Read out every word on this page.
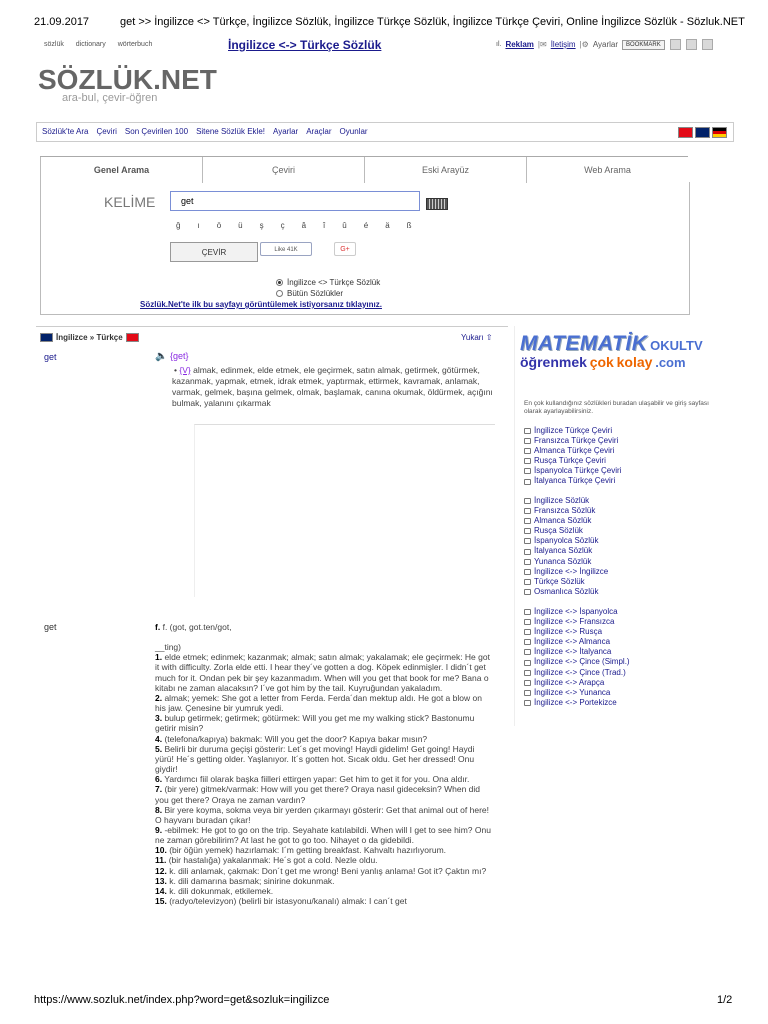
21.09.2017	get >> İngilizce <> Türkçe, İngilizce Sözlük, İngilizce Türkçe Sözlük, İngilizce Türkçe Çeviri, Online İngilizce Sözlük - Sözluk.NET
sözlük dictionary wörterbuch	İngilizce <-> Türkçe Sözlük	ıl. Reklam |✉ İletişim |⚙ Ayarlar	BOOKMARK
SÖZLÜK.NET
ara-bul, çevir-öğren
Sözlük'te Ara Çeviri Son Çevirilen 100 Sitene Sözlük Ekle! Ayarlar Araçlar Oyunlar
Genel Arama	Çeviri	Eski Arayüz	Web Arama
KELİME
get
ğ ı ö ü ş ç â î û é ä ß
ÇEVİR	Like 41K	G+
İngilizce <> Türkçe Sözlük
Bütün Sözlükler
Sözlük.Net'te ilk bu sayfayı görüntülemek istiyorsanız tıklayınız.
İngilizce » Türkçe	Yukarı ⇧
get	🔈 {get}
• {V} almak, edinmek, elde etmek, ele geçirmek, satın almak, getirmek, götürmek, kazanmak, yapmak, etmek, idrak etmek, yaptırmak, ettirmek, kavramak, anlamak, varmak, gelmek, başına gelmek, olmak, başlamak, canına okumak, öldürmek, açığını bulmak, yalanını çıkarmak
get	f. f. (got, got.ten/got,
__ting)
1. elde etmek; edinmek; kazanmak; almak; satın almak; yakalamak; ele geçirmek: He got it with difficulty. Zorla elde etti. I hear they´ve gotten a dog. Köpek edinmişler. I didn´t get much for it. Ondan pek bir şey kazanmadım. When will you get that book for me? Bana o kitabı ne zaman alacaksın? I´ve got him by the tail. Kuyruğundan yakaladım.
2. almak; yemek: She got a letter from Ferda. Ferda´dan mektup aldı. He got a blow on his jaw. Çenesine bir yumruk yedi.
3. bulup getirmek; getirmek; götürmek: Will you get me my walking stick? Bastonumu getirir misin?
4. (telefona/kapıya) bakmak: Will you get the door? Kapıya bakar mısın?
5. Belirli bir duruma geçişi gösterir: Let´s get moving! Haydi gidelim! Get going! Haydi yürü! He´s getting older. Yaşlanıyor. It´s gotten hot. Sıcak oldu. Get her dressed! Onu giydir!
6. Yardımcı fiil olarak başka fiilleri ettirgen yapar: Get him to get it for you. Ona aldır.
7. (bir yere) gitmek/varmak: How will you get there? Oraya nasıl gideceksin? When did you get there? Oraya ne zaman vardın?
8. Bir yere koyma, sokma veya bir yerden çıkarmayı gösterir: Get that animal out of here! O hayvanı buradan çıkar!
9. -ebilmek: He got to go on the trip. Seyahate katılabildi. When will I get to see him? Onu ne zaman görebilirim? At last he got to go too. Nihayet o da gidebildi.
10. (bir öğün yemek) hazırlamak: I´m getting breakfast. Kahvaltı hazırlıyorum.
11. (bir hastalığa) yakalanmak: He´s got a cold. Nezle oldu.
12. k. dili anlamak, çakmak: Don´t get me wrong! Beni yanlış anlama! Got it? Çaktın mı?
13. k. dili damarına basmak; sinirine dokunmak.
14. k. dili dokunmak, etkilemek.
15. (radyo/televizyon) (belirli bir istasyonu/kanalı) almak: I can´t get
MATEMATİK OKULTV
öğrenmek çok kolay .com
En çok kullandığınız sözlükleri buradan ulaşabilir ve giriş sayfası olarak ayarlayabilirsiniz.
İngilizce Türkçe Çeviri
Fransızca Türkçe Çeviri
Almanca Türkçe Çeviri
Rusça Türkçe Çeviri
İspanyolca Türkçe Çeviri
İtalyanca Türkçe Çeviri
İngilizce Sözlük
Fransızca Sözlük
Almanca Sözlük
Rusça Sözlük
İspanyolca Sözlük
İtalyanca Sözlük
Yunanca Sözlük
İngilizce <-> İngilizce
Türkçe Sözlük
Osmanlıca Sözlük
İngilizce <-> İspanyolca
İngilizce <-> Fransızca
İngilizce <-> Rusça
İngilizce <-> Almanca
İngilizce <-> İtalyanca
İngilizce <-> Çince (Simpl.)
İngilizce <-> Çince (Trad.)
İngilizce <-> Arapça
İngilizce <-> Yunanca
İngilizce <-> Portekizce
https://www.sozluk.net/index.php?word=get&sozluk=ingilizce	1/2
